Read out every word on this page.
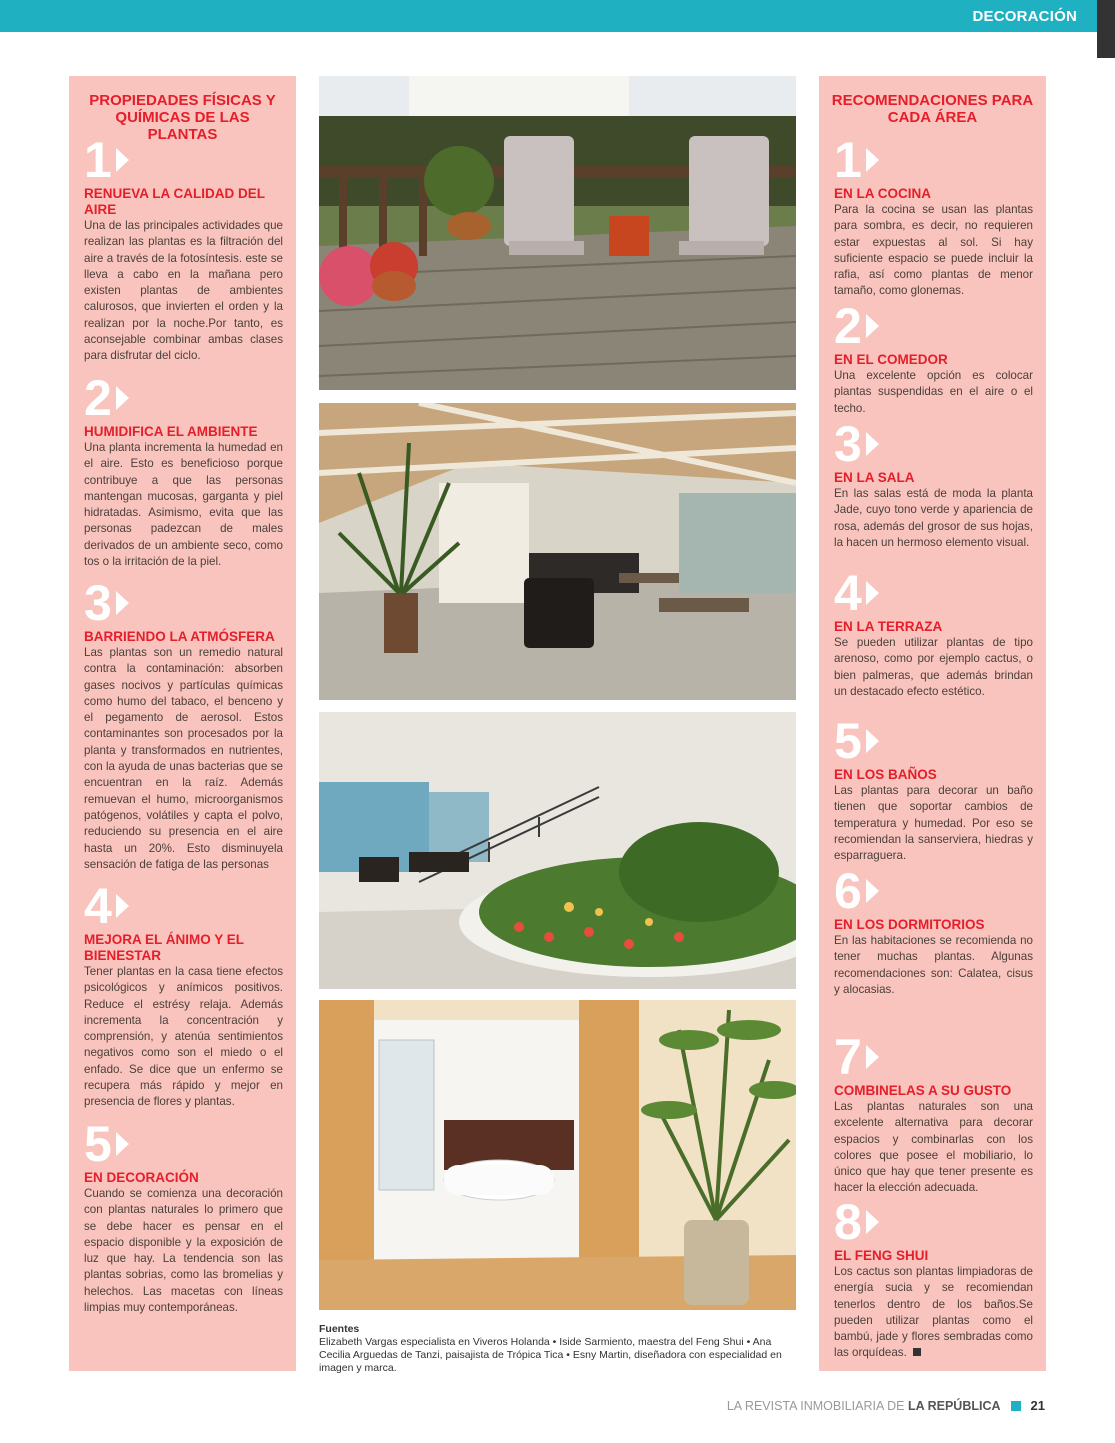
DECORACIÓN
PROPIEDADES FÍSICAS Y QUÍMICAS DE LAS PLANTAS
1
RENUEVA LA CALIDAD DEL AIRE
Una de las principales actividades que realizan las plantas es la filtración del aire a través de la fotosíntesis. este se lleva a cabo en la mañana pero existen plantas de ambientes calurosos, que invierten el orden y la realizan por la noche.Por tanto, es aconsejable combinar ambas clases para disfrutar del ciclo.
2
HUMIDIFICA EL AMBIENTE
Una planta incrementa la humedad en el aire. Esto es beneficioso porque contribuye a que las personas mantengan mucosas, garganta y piel hidratadas. Asimismo, evita que las personas padezcan de males derivados de un ambiente seco, como tos o la irritación de la piel.
3
BARRIENDO LA ATMÓSFERA
Las plantas son un remedio natural contra la contaminación: absorben gases nocivos y partículas químicas como humo del tabaco, el benceno y el pegamento de aerosol. Estos contaminantes son procesados por la planta y transformados en nutrientes, con la ayuda de unas bacterias que se encuentran en la raíz. Además remuevan el humo, microorganismos patógenos, volátiles y capta el polvo, reduciendo su presencia en el aire hasta un 20%. Esto disminuyela sensación de fatiga de las personas
4
MEJORA EL ÁNIMO Y EL BIENESTAR
Tener plantas en la casa tiene efectos psicológicos y anímicos positivos. Reduce el estrésy relaja. Además incrementa la concentración y comprensión, y atenúa sentimientos negativos como son el miedo o el enfado. Se dice que un enfermo se recupera más rápido y mejor en presencia de flores y plantas.
5
EN DECORACIÓN
Cuando se comienza una decoración con plantas naturales lo primero que se debe hacer es pensar en el espacio disponible y la exposición de luz que hay. La tendencia son las plantas sobrias, como las bromelias y helechos. Las macetas con líneas limpias muy contemporáneas.
Fuentes
Elizabeth Vargas especialista en Viveros Holanda • Iside Sarmiento, maestra del Feng Shui • Ana Cecilia Arguedas de Tanzi, paisajista de Trópica Tica • Esny Martin, diseñadora con especialidad en imagen y marca.
RECOMENDACIONES PARA CADA ÁREA
1
EN LA COCINA
Para la cocina se usan las plantas para sombra, es decir, no requieren estar expuestas al sol. Si hay suficiente espacio se puede incluir la rafia, así como plantas de menor tamaño, como glonemas.
2
EN EL COMEDOR
Una excelente opción es colocar plantas suspendidas en el aire o el techo.
3
EN LA SALA
En las salas está de moda la planta Jade, cuyo tono verde y apariencia de rosa, además del grosor de sus hojas, la hacen un hermoso elemento visual.
4
EN LA TERRAZA
Se pueden utilizar plantas de tipo arenoso, como por ejemplo cactus, o bien palmeras, que además brindan un destacado efecto estético.
5
EN LOS BAÑOS
Las plantas para decorar un baño tienen que soportar cambios de temperatura y humedad. Por eso se recomiendan la sanserviera, hiedras y esparraguera.
6
EN LOS DORMITORIOS
En las habitaciones se recomienda no tener muchas plantas. Algunas recomendaciones son: Calatea, cisus y alocasias.
7
COMBINELAS A SU GUSTO
Las plantas naturales son una excelente alternativa para decorar espacios y combinarlas con los colores que posee el mobiliario, lo único que hay que tener presente es hacer la elección adecuada.
8
EL FENG SHUI
Los cactus son plantas limpiadoras de energía sucia y se recomiendan tenerlos dentro de los baños.Se pueden utilizar plantas como el bambú, jade y flores sembradas como las orquídeas.
LA REVISTA INMOBILIARIA DE
LA REPÚBLICA 21
